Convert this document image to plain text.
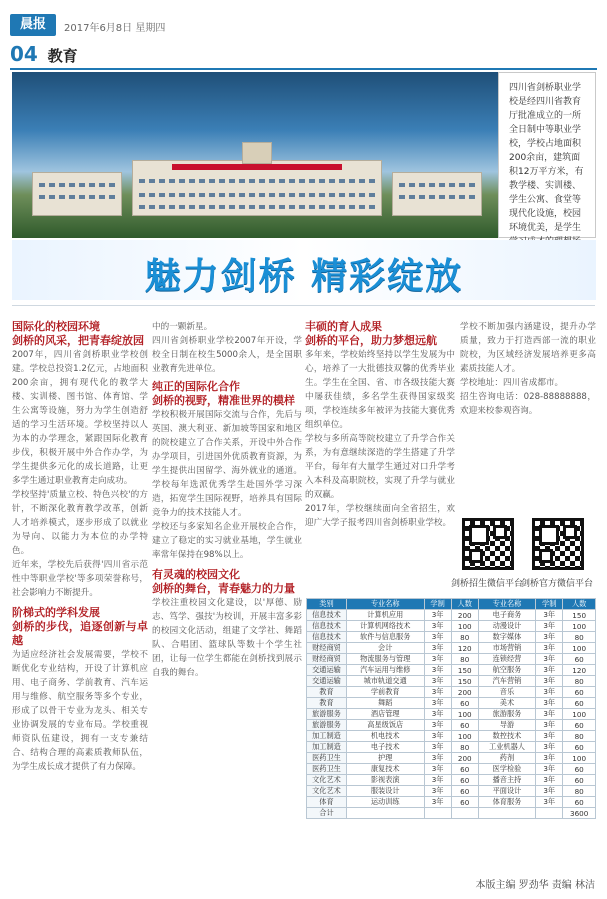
晨报	2017年6月8日 星期四
04 教育
四川省剑桥职业学校是经四川省教育厅批准成立的一所全日制中等职业学校，学校占地面积200余亩，建筑面积12万平方米，有教学楼、实训楼、学生公寓、食堂等现代化设施，校园环境优美，是学生
魅力剑桥 精彩绽放
国际化的校园环境
剑桥的风采，把青春绽放园

2007年，四川省剑桥职业学校创建。学校总投资1.2亿元，占地面积200余亩，拥有现代化的教学大楼、实训楼、图书馆、体育馆、学生公寓等设施，努力为学生创造舒适的学习生活环境。学校坚持以人为本的办学理念，紧跟国际化教育步伐，积极开展中外合作办学，为学生提供多元化的成长道路，让更多学生通过职业教育走向成功。

学校坚持'质量立校、特色兴校'的方针，不断深化教育教学改革，创新人才培养模式，逐步形成了以就业为导向、以能力为本位的办学特色。

近年来，学校先后获得'四川省示范性中等职业学校'等多项荣誉称号，社会影响力不断提升。

阶梯式的学科发展
剑桥的步伐，追逐创新与卓越

为适应经济社会发展需要，学校不断优化专业结构，开设了计算机应用、电子商务、学前教育、汽车运用与维修、航空服务等多个专业，形成了以骨干专业为龙头、相关专业协调发展的专业布局。学校重视师资队伍建设，拥有一支专兼结合、结构合理的高素质教师队伍，为学生成长成才提供了有力保障。

中的一颗新星。

四川省剑桥职业学校2007年开设，学校全日制在校生5000余人，是全国职业教育先进单位。

纯正的国际化合作
剑桥的视野，精准世界的模样

学校积极开展国际交流与合作，先后与英国、澳大利亚、新加坡等国家和地区的院校建立了合作关系，开设中外合作办学项目，引进国外优质教育资源，为学生提供出国留学、海外就业的通道。学校每年选派优秀学生赴国外学习深造，拓宽学生国际视野，培养具有国际竞争力的技术技能人才。

学校还与多家知名企业开展校企合作，建立了稳定的实习就业基地，学生就业率常年保持在98%以上。

有灵魂的校园文化
剑桥的舞台，青春魅力的力量

学校注重校园文化建设，以'厚德、励志、笃学、强技'为校训，开展丰富多彩的校园文化活动，组建了文学社、舞蹈队、合唱团、篮球队等数十个学生社团，让每一位学生都能在剑桥找到展示自我的舞台。

丰硕的育人成果
剑桥的平台，助力梦想远航

多年来，学校始终坚持以学生发展为中心，培养了一大批德技双馨的优秀毕业生。学生在全国、省、市各级技能大赛中屡获佳绩，多名学生获得国家级奖项，学校连续多年被评为技能大赛优秀组织单位。

学校与多所高等院校建立了升学合作关系，为有意继续深造的学生搭建了升学平台，每年有大量学生通过对口升学考入本科及高职院校，实现了升学与就业的双赢。

2017年，学校继续面向全省招生，欢迎广大学子报考四川省剑桥职业学校。

学校不断加强内涵建设，提升办学质量，致力于打造西部一流的职业院校，为区域经济发展培养更多高素质技能人才。

学校地址：四川省成都市。

招生咨询电话：028-88888888，欢迎来校参观咨询。

剑桥招生微信平台
剑桥官方微信平台
类别	专业名称	学制	人数	专业名称	学制	人数
信息技术	计算机应用	3年	200	电子商务	3年	150
信息技术	计算机网络技术	3年	100	动漫设计	3年	100
信息技术	软件与信息服务	3年	80	数字媒体	3年	80
财经商贸	会计	3年	120	市场营销	3年	100
财经商贸	物流服务与管理	3年	80	连锁经营	3年	60
交通运输	汽车运用与维修	3年	150	航空服务	3年	120
交通运输	城市轨道交通	3年	150	汽车营销	3年	80
教育	学前教育	3年	200	音乐	3年	60
教育	舞蹈	3年	60	美术	3年	60
旅游服务	酒店管理	3年	100	旅游服务	3年	100
旅游服务	高星级饭店	3年	60	导游	3年	60
加工制造	机电技术	3年	100	数控技术	3年	80
加工制造	电子技术	3年	80	工业机器人	3年	60
医药卫生	护理	3年	200	药剂	3年	100
医药卫生	康复技术	3年	60	医学检验	3年	60
文化艺术	影视表演	3年	60	播音主持	3年	60
文化艺术	服装设计	3年	60	平面设计	3年	80
体育	运动训练	3年	60	体育服务	3年	60
合计						3600
本版主编 罗劲华 责编 林洁
